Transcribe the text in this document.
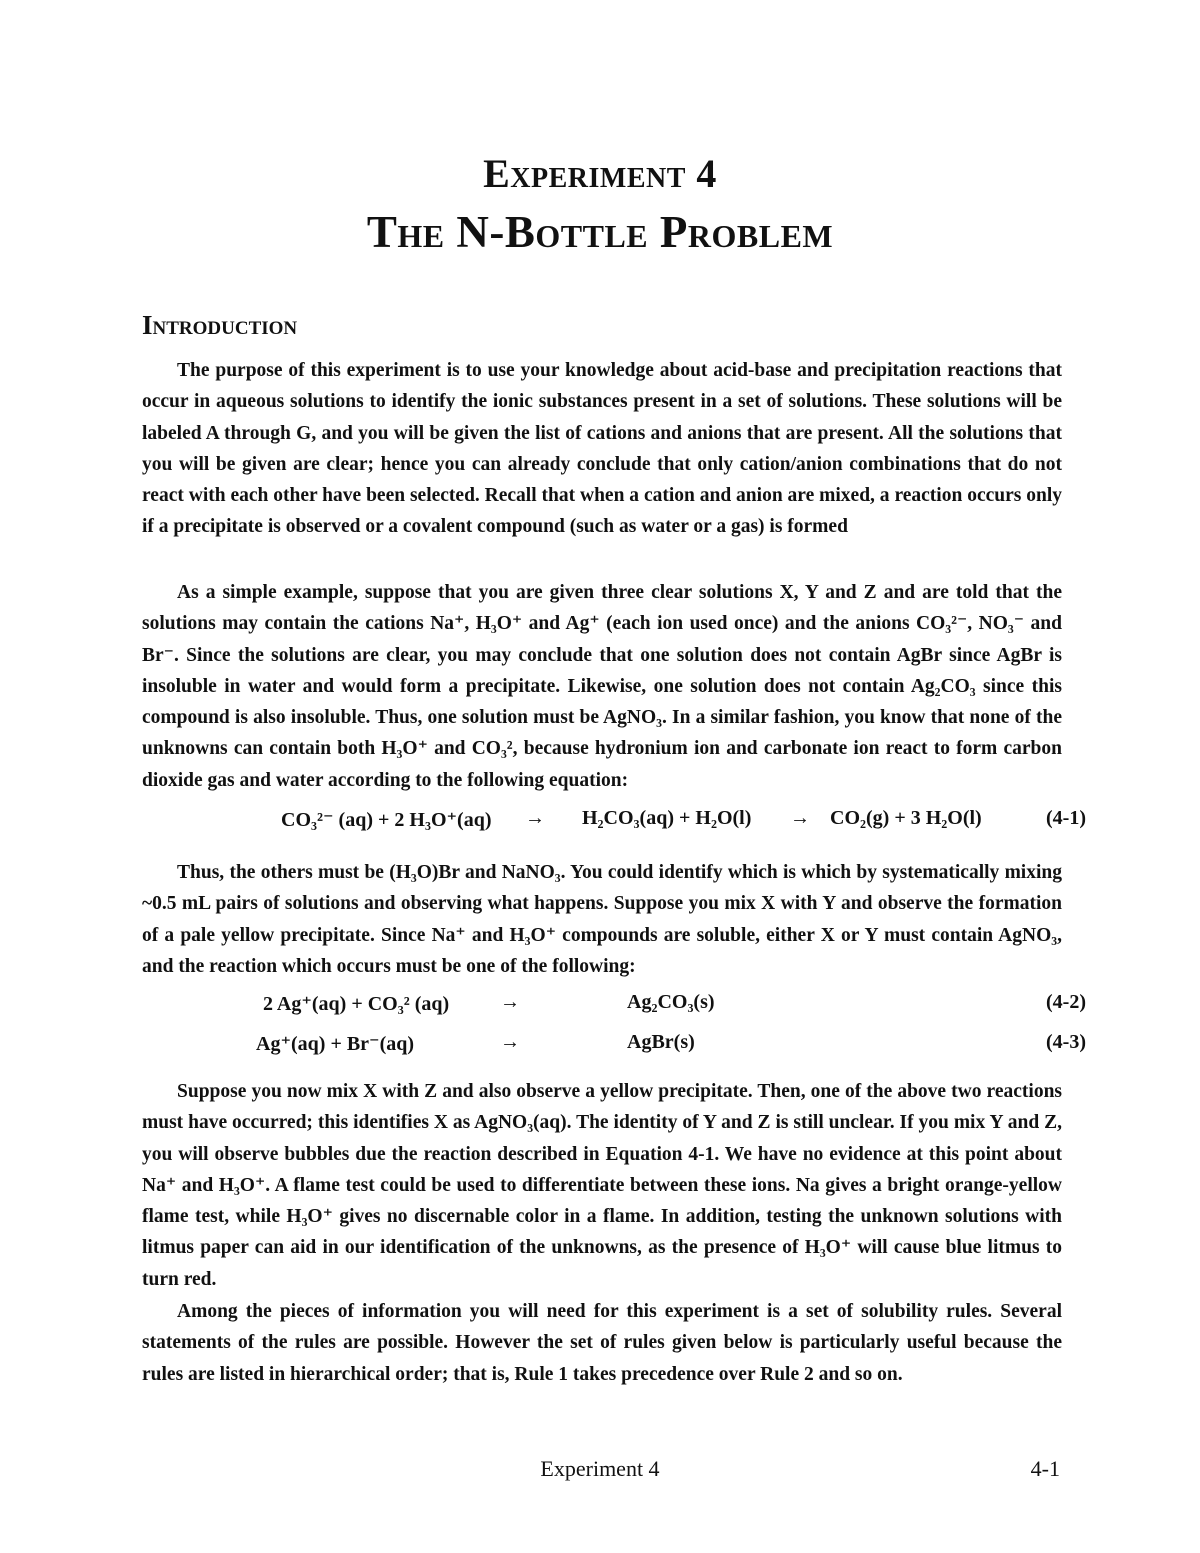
Experiment 4
The N-Bottle Problem
Introduction

The purpose of this experiment is to use your knowledge about acid-base and precipitation reactions that occur in aqueous solutions to identify the ionic substances present in a set of solutions. These solutions will be labeled A through G, and you will be given the list of cations and anions that are present. All the solutions that you will be given are clear; hence you can already conclude that only cation/anion combinations that do not react with each other have been selected. Recall that when a cation and anion are mixed, a reaction occurs only if a precipitate is observed or a covalent compound (such as water or a gas) is formed

As a simple example, suppose that you are given three clear solutions X, Y and Z and are told that the solutions may contain the cations Na⁺, H₃O⁺ and Ag⁺ (each ion used once) and the anions CO₃²⁻, NO₃⁻ and Br⁻. Since the solutions are clear, you may conclude that one solution does not contain AgBr since AgBr is insoluble in water and would form a precipitate. Likewise, one solution does not contain Ag₂CO₃ since this compound is also insoluble. Thus, one solution must be AgNO₃. In a similar fashion, you know that none of the unknowns can contain both H₃O⁺ and CO₃², because hydronium ion and carbonate ion react to form carbon dioxide gas and water according to the following equation:

CO₃²⁻ (aq) + 2 H₃O⁺(aq) → H₂CO₃(aq) + H₂O(l) → CO₂(g) + 3 H₂O(l)	(4-1)

Thus, the others must be (H₃O)Br and NaNO₃. You could identify which is which by systematically mixing ~0.5 mL pairs of solutions and observing what happens. Suppose you mix X with Y and observe the formation of a pale yellow precipitate. Since Na⁺ and H₃O⁺ compounds are soluble, either X or Y must contain AgNO₃, and the reaction which occurs must be one of the following:

2 Ag⁺(aq) + CO₃² (aq)	→	Ag₂CO₃(s)	(4-2)
Ag⁺(aq) + Br⁻(aq)	→	AgBr(s)	(4-3)

Suppose you now mix X with Z and also observe a yellow precipitate. Then, one of the above two reactions must have occurred; this identifies X as AgNO₃(aq). The identity of Y and Z is still unclear. If you mix Y and Z, you will observe bubbles due the reaction described in Equation 4-1. We have no evidence at this point about Na⁺ and H₃O⁺. A flame test could be used to differentiate between these ions. Na gives a bright orange-yellow flame test, while H₃O⁺ gives no discernable color in a flame. In addition, testing the unknown solutions with litmus paper can aid in our identification of the unknowns, as the presence of H₃O⁺ will cause blue litmus to turn red.

Among the pieces of information you will need for this experiment is a set of solubility rules. Several statements of the rules are possible. However the set of rules given below is particularly useful because the rules are listed in hierarchical order; that is, Rule 1 takes precedence over Rule 2 and so on.

Experiment 4	4-1
